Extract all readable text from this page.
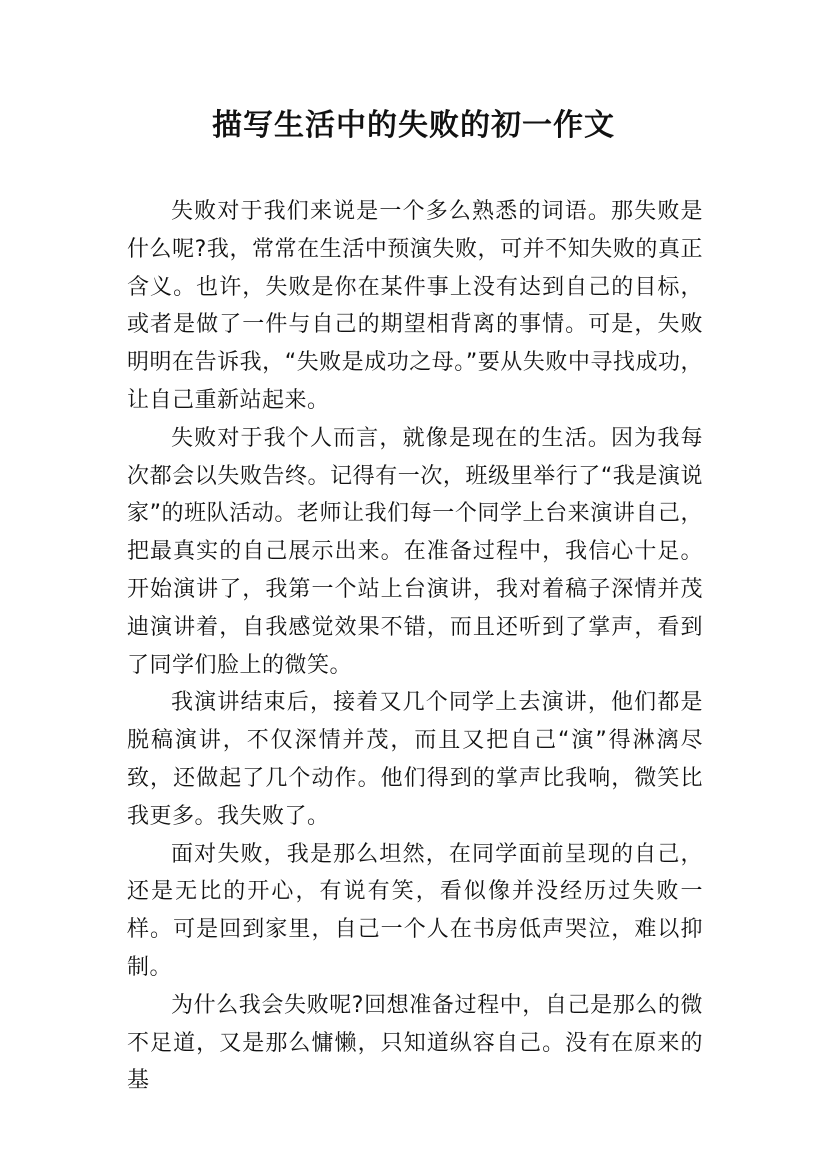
描写生活中的失败的初一作文

失败对于我们来说是一个多么熟悉的词语。那失败是什么呢?我，常常在生活中预演失败，可并不知失败的真正含义。也许，失败是你在某件事上没有达到自己的目标，或者是做了一件与自己的期望相背离的事情。可是，失败明明在告诉我，“失败是成功之母。”要从失败中寻找成功，让自己重新站起来。

失败对于我个人而言，就像是现在的生活。因为我每次都会以失败告终。记得有一次，班级里举行了“我是演说家”的班队活动。老师让我们每一个同学上台来演讲自己，把最真实的自己展示出来。在准备过程中，我信心十足。开始演讲了，我第一个站上台演讲，我对着稿子深情并茂迪演讲着，自我感觉效果不错，而且还听到了掌声，看到了同学们脸上的微笑。

我演讲结束后，接着又几个同学上去演讲，他们都是脱稿演讲，不仅深情并茂，而且又把自己“演”得淋漓尽致，还做起了几个动作。他们得到的掌声比我响，微笑比我更多。我失败了。

面对失败，我是那么坦然，在同学面前呈现的自己，还是无比的开心，有说有笑，看似像并没经历过失败一样。可是回到家里，自己一个人在书房低声哭泣，难以抑制。

为什么我会失败呢?回想准备过程中，自己是那么的微不足道，又是那么慵懒，只知道纵容自己。没有在原来的基
